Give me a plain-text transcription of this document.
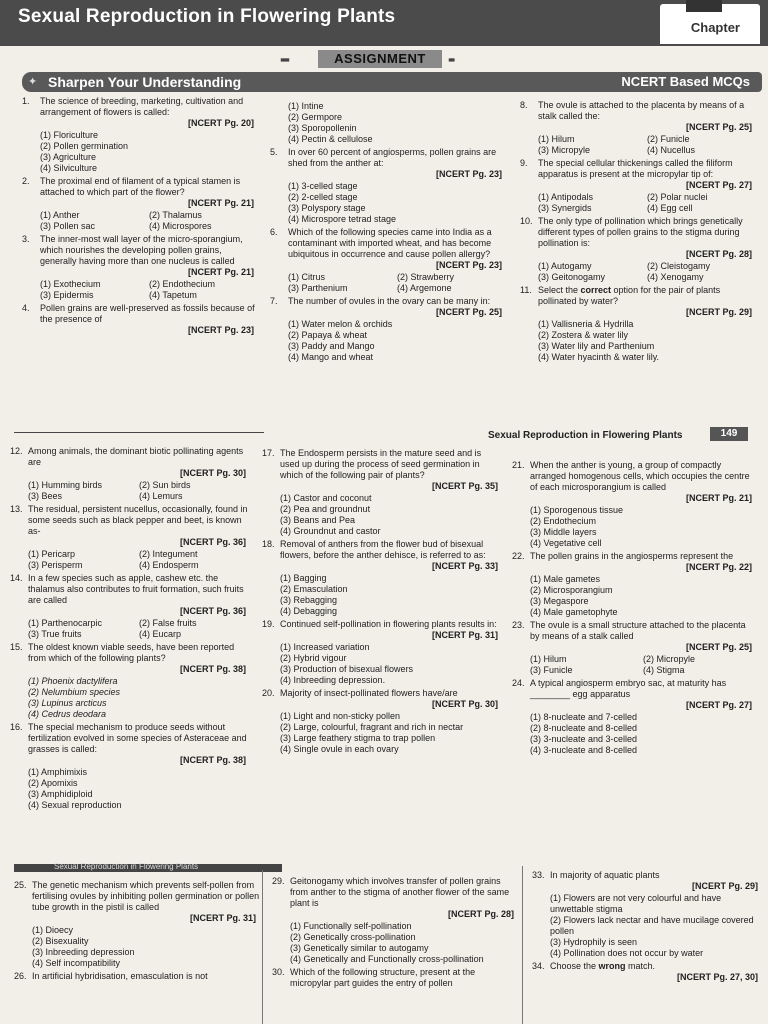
Sexual Reproduction in Flowering Plants
Chapter
▪▪▪	ASSIGNMENT	▪▪
✦ Sharpen Your Understanding	NCERT Based MCQs
1.	The science of breeding, marketing, cultivation and arrangement of flowers is called:
[NCERT Pg. 20]
(1) Floriculture
(2) Pollen germination
(3) Agriculture
(4) Silviculture
2.	The proximal end of filament of a typical stamen is attached to which part of the flower?
[NCERT Pg. 21]
(1) Anther	(2) Thalamus
(3) Pollen sac	(4) Microspores
3.	The inner-most wall layer of the micro-sporangium, which nourishes the developing pollen grains, generally having more than one nucleus is called
[NCERT Pg. 21]
(1) Exothecium	(2) Endothecium
(3) Epidermis	(4) Tapetum
4.	Pollen grains are well-preserved as fossils because of the presence of
[NCERT Pg. 23]
(1) Intine
(2) Germpore
(3) Sporopollenin
(4) Pectin & cellulose
5.	In over 60 percent of angiosperms, pollen grains are shed from the anther at:
[NCERT Pg. 23]
(1) 3-celled stage
(2) 2-celled stage
(3) Polyspory stage
(4) Microspore tetrad stage
6.	Which of the following species came into India as a contaminant with imported wheat, and has become ubiquitous in occurrence and cause pollen allergy?
[NCERT Pg. 23]
(1) Citrus	(2) Strawberry
(3) Parthenium	(4) Argemone
7.	The number of ovules in the ovary can be many in:
[NCERT Pg. 25]
(1) Water melon & orchids
(2) Papaya & wheat
(3) Paddy and Mango
(4) Mango and wheat
8.	The ovule is attached to the placenta by means of a stalk called the:
[NCERT Pg. 25]
(1) Hilum	(2) Funicle
(3) Micropyle	(4) Nucellus
9.	The special cellular thickenings called the filiform apparatus is present at the micropylar tip of:
[NCERT Pg. 27]
(1) Antipodals	(2) Polar nuclei
(3) Synergids	(4) Egg cell
10. The only type of pollination which brings genetically different types of pollen grains to the stigma during pollination is:
[NCERT Pg. 28]
(1) Autogamy	(2) Cleistogamy
(3) Geitonogamy	(4) Xenogamy
11. Select the correct option for the pair of plants pollinated by water?
[NCERT Pg. 29]
(1) Vallisneria & Hydrilla
(2) Zostera & water lily
(3) Water lily and Parthenium
(4) Water hyacinth & water lily.
Sexual Reproduction in Flowering Plants	149
12. Among animals, the dominant biotic pollinating agents are
[NCERT Pg. 30]
(1) Humming birds	(2) Sun birds
(3) Bees	(4) Lemurs
13. The residual, persistent nucellus, occasionally, found in some seeds such as black pepper and beet, is known as-
[NCERT Pg. 36]
(1) Pericarp	(2) Integument
(3) Perisperm	(4) Endosperm
14. In a few species such as apple, cashew etc. the thalamus also contributes to fruit formation, such fruits are called
[NCERT Pg. 36]
(1) Parthenocarpic	(2) False fruits
(3) True fruits	(4) Eucarp
15. The oldest known viable seeds, have been reported from which of the following plants?
[NCERT Pg. 38]
(1) Phoenix dactylifera
(2) Nelumbium species
(3) Lupinus arcticus
(4) Cedrus deodara
16. The special mechanism to produce seeds without fertilization evolved in some species of Asteraceae and grasses is called:
[NCERT Pg. 38]
(1) Amphimixis
(2) Apomixis
(3) Amphidiploid
(4) Sexual reproduction
17. The Endosperm persists in the mature seed and is used up during the process of seed germination in which of the following pair of plants?
[NCERT Pg. 35]
(1) Castor and coconut
(2) Pea and groundnut
(3) Beans and Pea
(4) Groundnut and castor
18. Removal of anthers from the flower bud of bisexual flowers, before the anther dehisce, is referred to as:
[NCERT Pg. 33]
(1) Bagging
(2) Emasculation
(3) Rebagging
(4) Debagging
19. Continued self-pollination in flowering plants results in:
[NCERT Pg. 31]
(1) Increased variation
(2) Hybrid vigour
(3) Production of bisexual flowers
(4) Inbreeding depression.
20. Majority of insect-pollinated flowers have/are
[NCERT Pg. 30]
(1) Light and non-sticky pollen
(2) Large, colourful, fragrant and rich in nectar
(3) Large feathery stigma to trap pollen
(4) Single ovule in each ovary
21. When the anther is young, a group of compactly arranged homogenous cells, which occupies the centre of each microsporangium is called
[NCERT Pg. 21]
(1) Sporogenous tissue
(2) Endothecium
(3) Middle layers
(4) Vegetative cell
22. The pollen grains in the angiosperms represent the
[NCERT Pg. 22]
(1) Male gametes
(2) Microsporangium
(3) Megaspore
(4) Male gametophyte
23. The ovule is a small structure attached to the placenta by means of a stalk called
[NCERT Pg. 25]
(1) Hilum	(2) Micropyle
(3) Funicle	(4) Stigma
24. A typical angiosperm embryo sac, at maturity has ________ egg apparatus
[NCERT Pg. 27]
(1) 8-nucleate and 7-celled
(2) 8-nucleate and 8-celled
(3) 3-nucleate and 3-celled
(4) 3-nucleate and 8-celled
Sexual Reproduction in Flowering Plants
25. The genetic mechanism which prevents self-pollen from fertilising ovules by inhibiting pollen germination or pollen tube growth in the pistil is called
[NCERT Pg. 31]
(1) Dioecy
(2) Bisexuality
(3) Inbreeding depression
(4) Self incompatibility
26. In artificial hybridisation, emasculation is not
29. Geitonogamy which involves transfer of pollen grains from anther to the stigma of another flower of the same plant is
[NCERT Pg. 28]
(1) Functionally self-pollination
(2) Genetically cross-pollination
(3) Genetically similar to autogamy
(4) Genetically and Functionally cross-pollination
30. Which of the following structure, present at the micropylar part guides the entry of pollen
33. In majority of aquatic plants
[NCERT Pg. 29]
(1) Flowers are not very colourful and have unwettable stigma
(2) Flowers lack nectar and have mucilage covered pollen
(3) Hydrophily is seen
(4) Pollination does not occur by water
34. Choose the wrong match.
[NCERT Pg. 27, 30]
